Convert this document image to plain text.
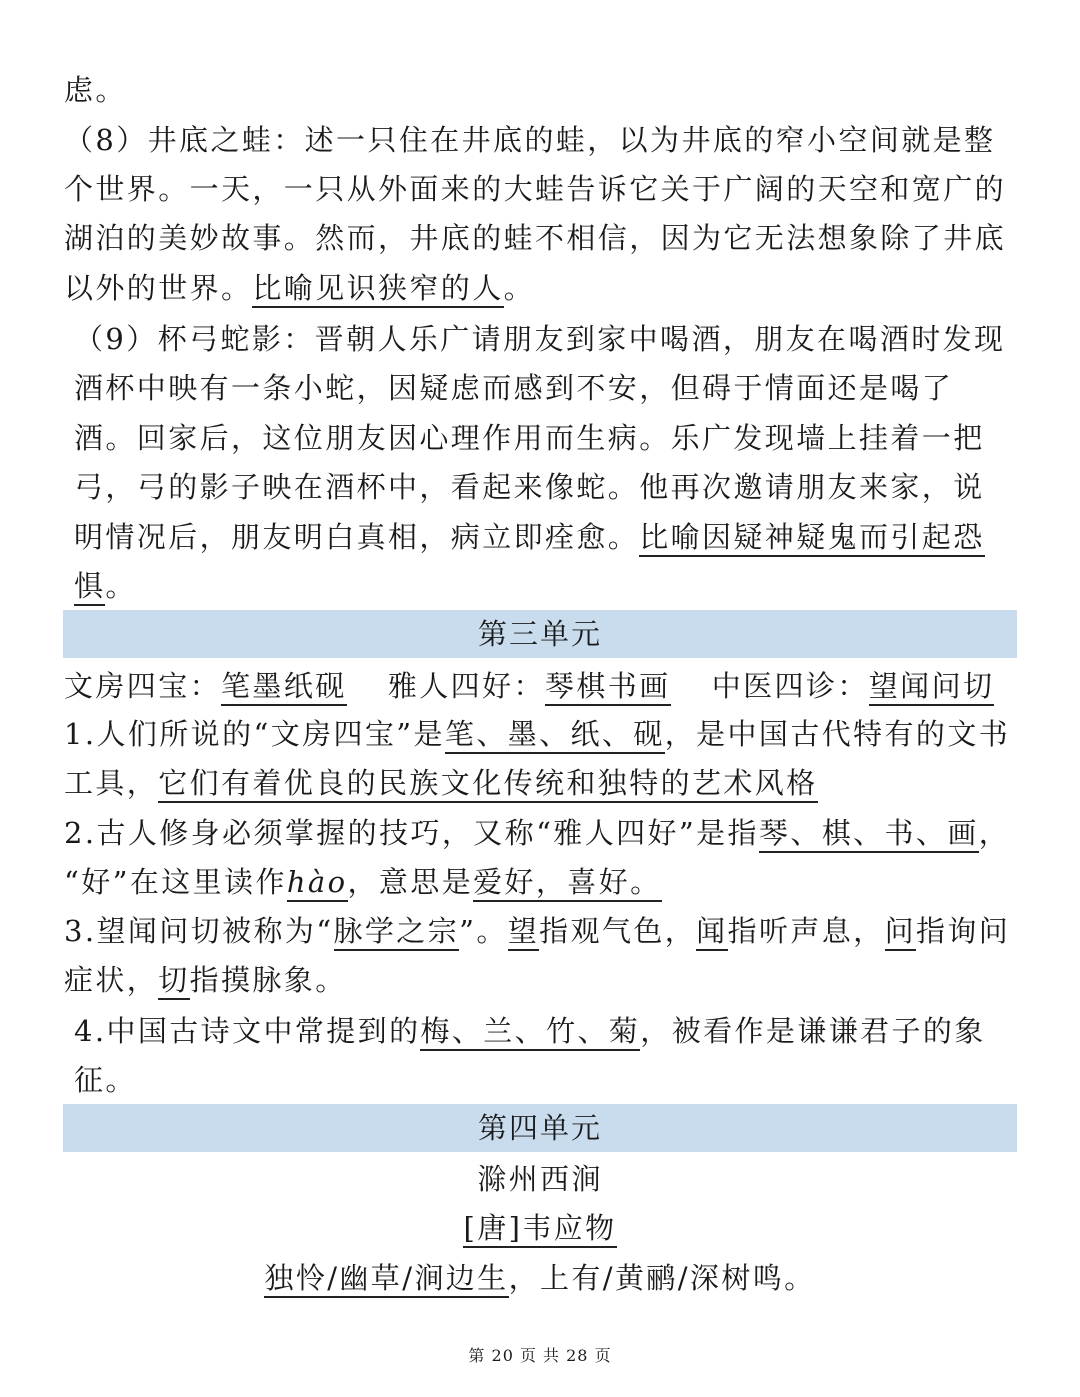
虑。
（8）井底之蛙：述一只住在井底的蛙，以为井底的窄小空间就是整
个世界。一天，一只从外面来的大蛙告诉它关于广阔的天空和宽广的
湖泊的美妙故事。然而，井底的蛙不相信，因为它无法想象除了井底
以外的世界。比喻见识狭窄的人。
（9）杯弓蛇影：晋朝人乐广请朋友到家中喝酒，朋友在喝酒时发现
酒杯中映有一条小蛇，因疑虑而感到不安，但碍于情面还是喝了
酒。回家后，这位朋友因心理作用而生病。乐广发现墙上挂着一把
弓，弓的影子映在酒杯中，看起来像蛇。他再次邀请朋友来家，说
明情况后，朋友明白真相，病立即痊愈。比喻因疑神疑鬼而引起恐
惧。
第三单元
文房四宝：笔墨纸砚 雅人四好：琴棋书画 中医四诊：望闻问切
1.人们所说的“文房四宝”是笔、墨、纸、砚，是中国古代特有的文书
工具，它们有着优良的民族文化传统和独特的艺术风格
2.古人修身必须掌握的技巧，又称“雅人四好”是指琴、棋、书、画，
“好”在这里读作hào，意思是爱好，喜好。
3.望闻问切被称为“脉学之宗”。望指观气色，闻指听声息，问指询问
症状，切指摸脉象。
4.中国古诗文中常提到的梅、兰、竹、菊，被看作是谦谦君子的象
征。
第四单元
滁州西涧
[唐]韦应物
独怜/幽草/涧边生，上有/黄鹂/深树鸣。
第 20 页 共 28 页
